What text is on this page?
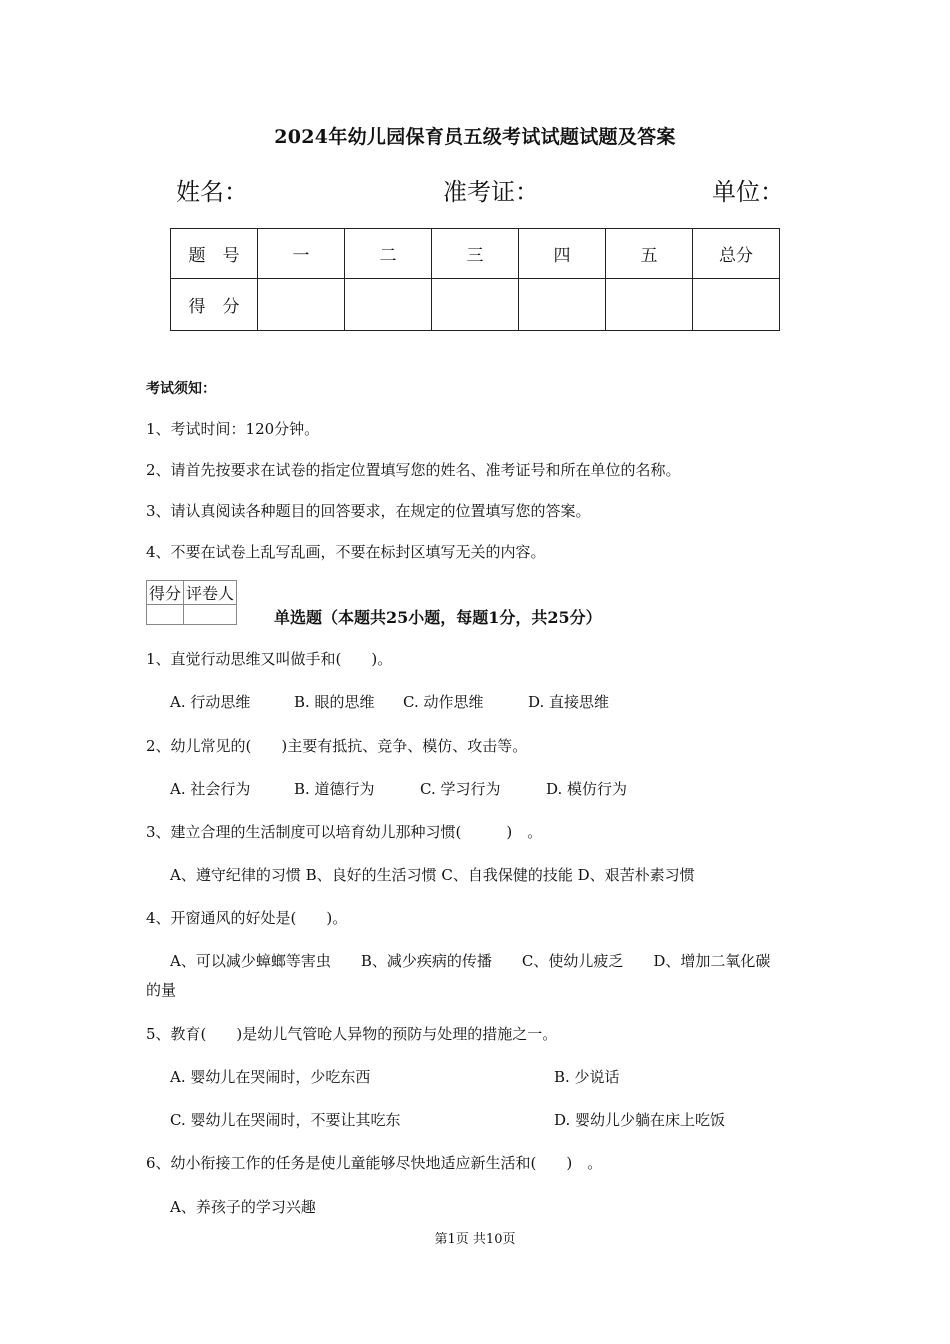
2024年幼儿园保育员五级考试试题试题及答案
姓名：	准考证：	单位：
题　号	一	二	三	四	五	总分
得　分						
考试须知：
1、考试时间：120分钟。
2、请首先按要求在试卷的指定位置填写您的姓名、准考证号和所在单位的名称。
3、请认真阅读各种题目的回答要求，在规定的位置填写您的答案。
4、不要在试卷上乱写乱画，不要在标封区填写无关的内容。
得分	评卷人

单选题（本题共25小题，每题1分，共25分）
1、直觉行动思维又叫做手和(　　)。
A. 行动思维	B. 眼的思维 C. 动作思维	D. 直接思维
2、幼儿常见的(　　)主要有抵抗、竞争、模仿、攻击等。
A. 社会行为	B. 道德行为	C. 学习行为	D. 模仿行为
3、建立合理的生活制度可以培育幼儿那种习惯(　　　)　。
A、遵守纪律的习惯 B、良好的生活习惯 C、自我保健的技能 D、艰苦朴素习惯
4、开窗通风的好处是(　　)。
A、可以减少蟑螂等害虫　　B、减少疾病的传播　　C、使幼儿疲乏　　D、增加二氧化碳
的量
5、教育(　　)是幼儿气管呛人异物的预防与处理的措施之一。
A. 婴幼儿在哭闹时，少吃东西	B. 少说话
C. 婴幼儿在哭闹时，不要让其吃东	D. 婴幼儿少躺在床上吃饭
6、幼小衔接工作的任务是使儿童能够尽快地适应新生活和(　　)　。
A、养孩子的学习兴趣
第1页 共10页
